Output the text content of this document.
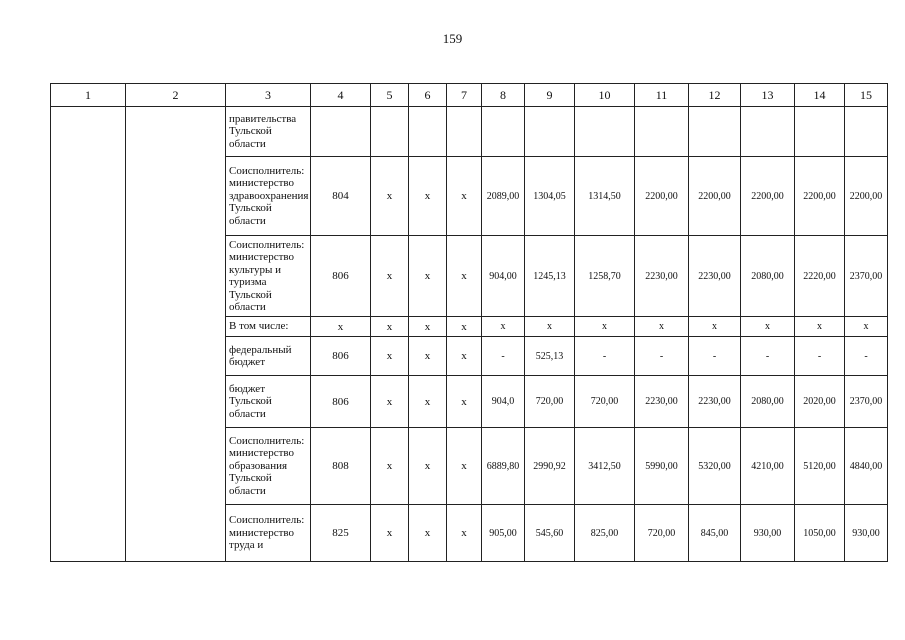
159
1	2	3	4	5	6	7	8	9	10	11	12	13	14	15
		правительства Тульской области												
		Соисполнитель: министерство здравоохранения Тульской области	804	x	x	x	2089,00	1304,05	1314,50	2200,00	2200,00	2200,00	2200,00	2200,00
		Соисполнитель: министерство культуры и туризма Тульской области	806	x	x	x	904,00	1245,13	1258,70	2230,00	2230,00	2080,00	2220,00	2370,00
		В том числе:	x	x	x	x	x	x	x	x	x	x	x	x
		федеральный бюджет	806	x	x	x	-	525,13	-	-	-	-	-	-
		бюджет Тульской области	806	x	x	x	904,0	720,00	720,00	2230,00	2230,00	2080,00	2020,00	2370,00
		Соисполнитель: министерство образования Тульской области	808	x	x	x	6889,80	2990,92	3412,50	5990,00	5320,00	4210,00	5120,00	4840,00
		Соисполнитель: министерство труда и	825	x	x	x	905,00	545,60	825,00	720,00	845,00	930,00	1050,00	930,00
